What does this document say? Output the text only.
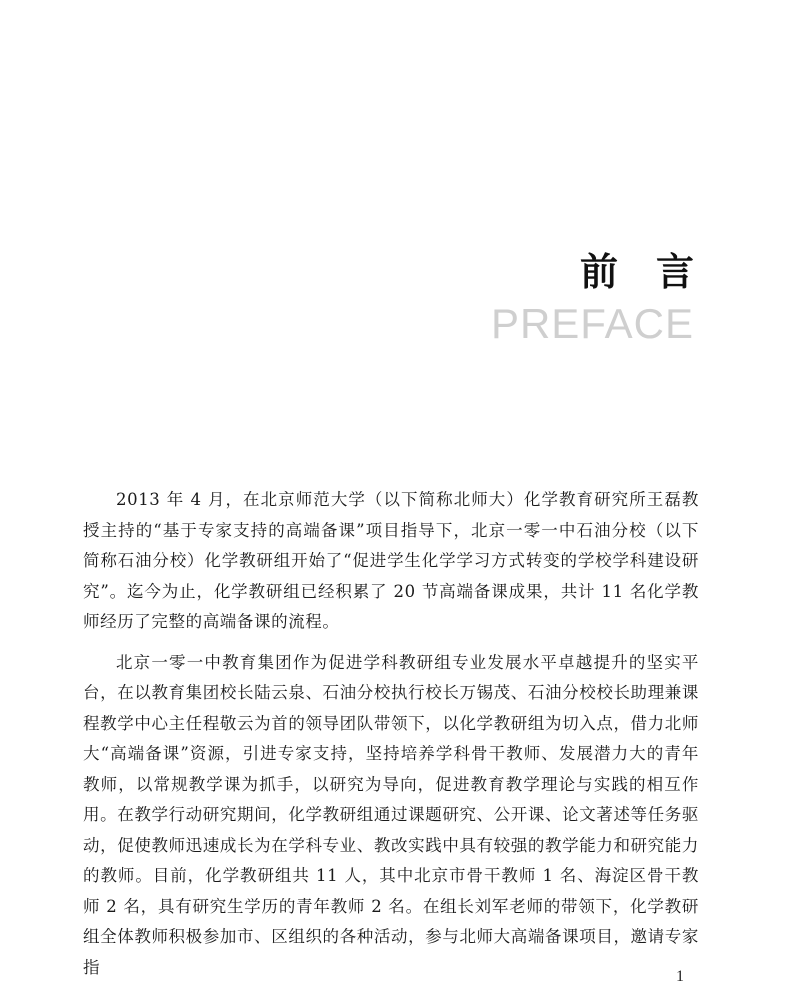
前言
PREFACE

2013 年 4 月，在北京师范大学（以下简称北师大）化学教育研究所王磊教授主持的“基于专家支持的高端备课”项目指导下，北京一零一中石油分校（以下简称石油分校）化学教研组开始了“促进学生化学学习方式转变的学校学科建设研究”。迄今为止，化学教研组已经积累了 20 节高端备课成果，共计 11 名化学教师经历了完整的高端备课的流程。

北京一零一中教育集团作为促进学科教研组专业发展水平卓越提升的坚实平台，在以教育集团校长陆云泉、石油分校执行校长万锡茂、石油分校校长助理兼课程教学中心主任程敬云为首的领导团队带领下，以化学教研组为切入点，借力北师大“高端备课”资源，引进专家支持，坚持培养学科骨干教师、发展潜力大的青年教师，以常规教学课为抓手，以研究为导向，促进教育教学理论与实践的相互作用。在教学行动研究期间，化学教研组通过课题研究、公开课、论文著述等任务驱动，促使教师迅速成长为在学科专业、教改实践中具有较强的教学能力和研究能力的教师。目前，化学教研组共 11 人，其中北京市骨干教师 1 名、海淀区骨干教师 2 名，具有研究生学历的青年教师 2 名。在组长刘军老师的带领下，化学教研组全体教师积极参加市、区组织的各种活动，参与北师大高端备课项目，邀请专家指	1
